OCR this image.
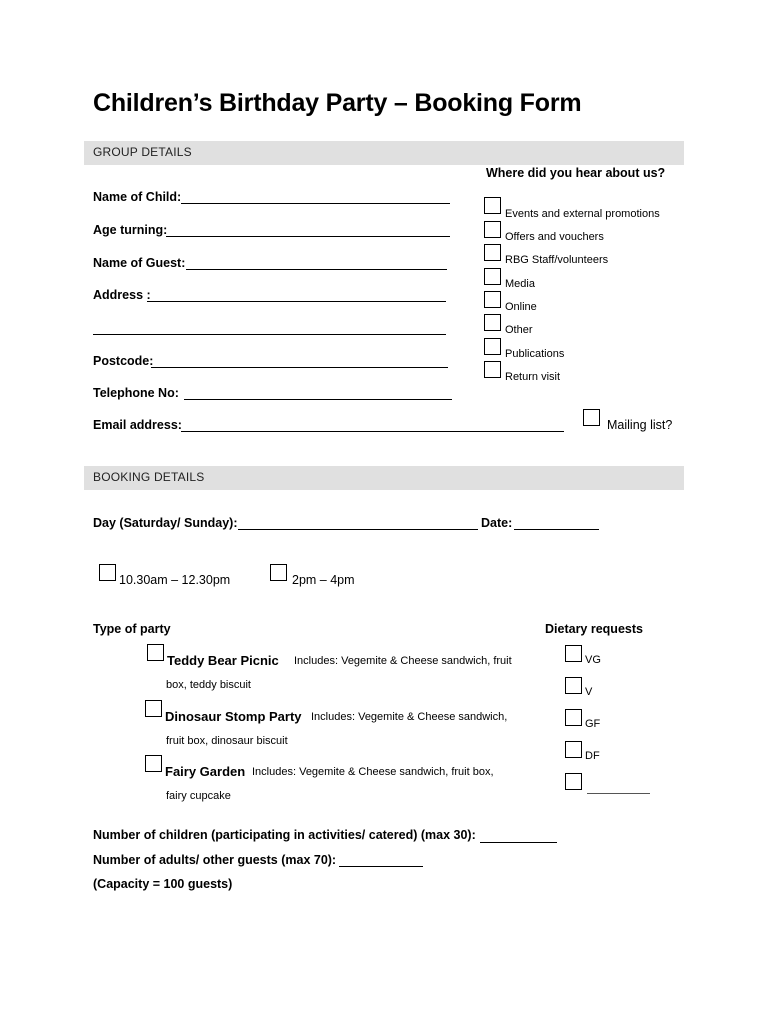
Children’s Birthday Party – Booking Form
GROUP DETAILS
Name of Child:
Age turning:
Name of Guest:
Address :
Postcode:
Telephone No:
Email address:	Mailing list?
Where did you hear about us?
Events and external promotions
Offers and vouchers
RBG Staff/volunteers
Media
Online
Other
Publications
Return visit
BOOKING DETAILS
Day (Saturday/ Sunday):	Date:
10.30am – 12.30pm	2pm – 4pm
Type of party	Dietary requests
Teddy Bear Picnic Includes: Vegemite & Cheese sandwich, fruit
box, teddy biscuit
Dinosaur Stomp Party Includes: Vegemite & Cheese sandwich,
fruit box, dinosaur biscuit
Fairy Garden Includes: Vegemite & Cheese sandwich, fruit box,
fairy cupcake
VG
V
GF
DF
Number of children (participating in activities/ catered) (max 30):
Number of adults/ other guests (max 70):
(Capacity = 100 guests)
